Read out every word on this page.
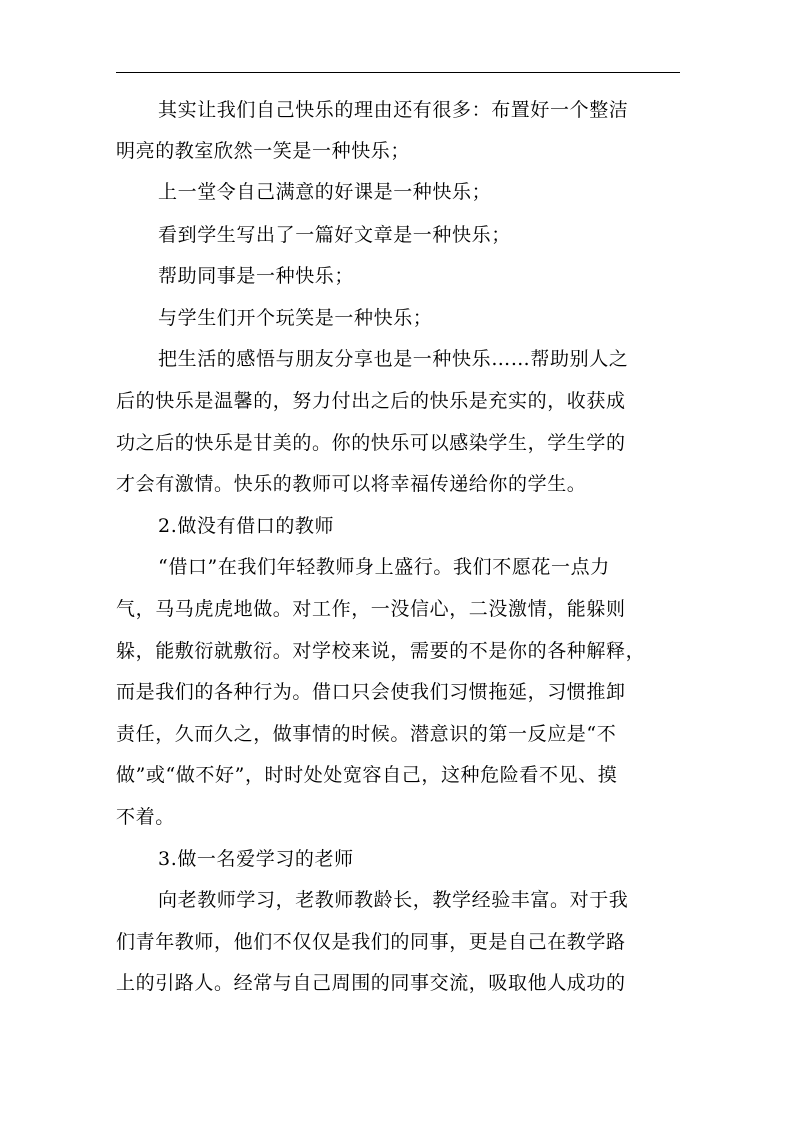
其实让我们自己快乐的理由还有很多：布置好一个整洁
明亮的教室欣然一笑是一种快乐；
上一堂令自己满意的好课是一种快乐；
看到学生写出了一篇好文章是一种快乐；
帮助同事是一种快乐；
与学生们开个玩笑是一种快乐；
把生活的感悟与朋友分享也是一种快乐……帮助别人之
后的快乐是温馨的，努力付出之后的快乐是充实的，收获成
功之后的快乐是甘美的。你的快乐可以感染学生，学生学的
才会有激情。快乐的教师可以将幸福传递给你的学生。
2.做没有借口的教师
“借口”在我们年轻教师身上盛行。我们不愿花一点力
气，马马虎虎地做。对工作，一没信心，二没激情，能躲则
躲，能敷衍就敷衍。对学校来说，需要的不是你的各种解释，
而是我们的各种行为。借口只会使我们习惯拖延，习惯推卸
责任，久而久之，做事情的时候。潜意识的第一反应是“不
做”或“做不好”，时时处处宽容自己，这种危险看不见、摸
不着。
3.做一名爱学习的老师
向老教师学习，老教师教龄长，教学经验丰富。对于我
们青年教师，他们不仅仅是我们的同事，更是自己在教学路
上的引路人。经常与自己周围的同事交流，吸取他人成功的
